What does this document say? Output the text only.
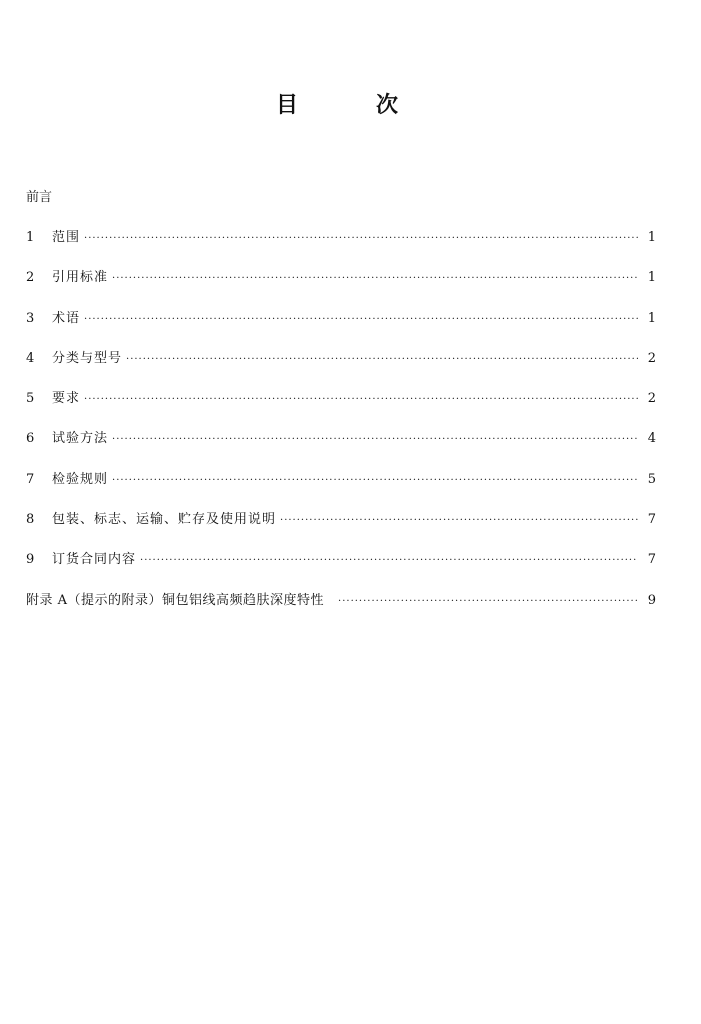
目	次
前言
1	范围 ·····	1
2	引用标准 ·····	1
3	术语 ·····	1
4	分类与型号 ·····	2
5	要求 ·····	2
6	试验方法 ·····	4
7	检验规则 ·····	5
8	包装、标志、运输、贮存及使用说明 ·····	7
9	订货合同内容 ·····	7
附录 A（提示的附录）铜包铝线高频趋肤深度特性 ·····	9
